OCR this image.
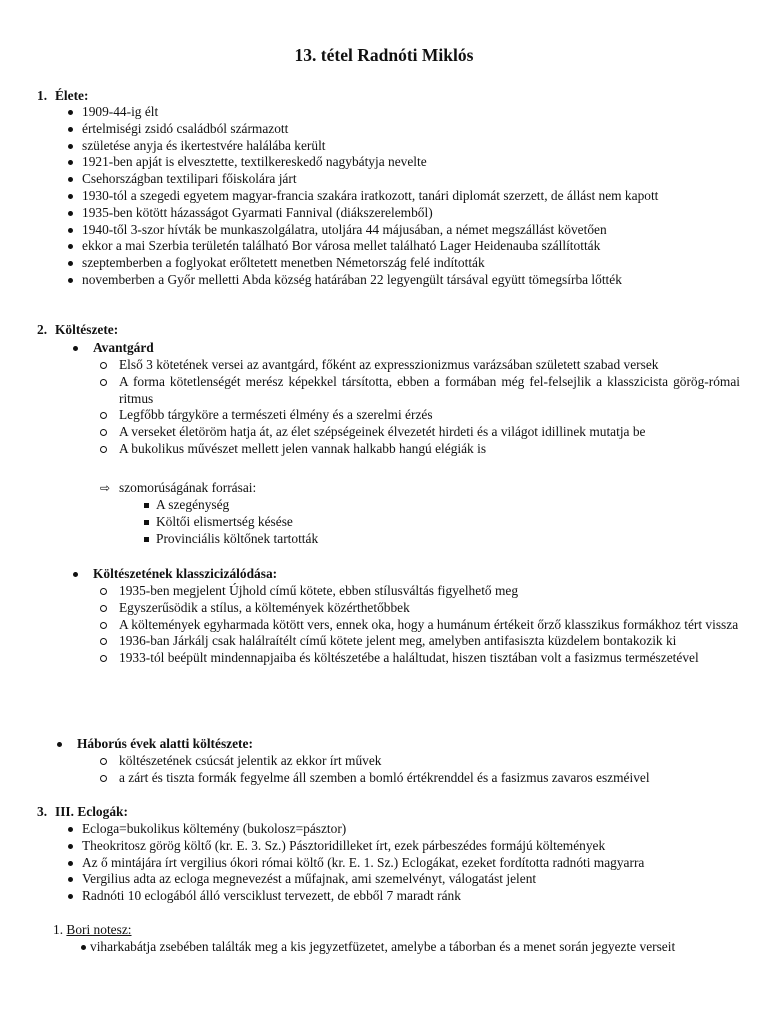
13. tétel Radnóti Miklós
1. Élete:
1909-44-ig élt
értelmiségi zsidó családból származott
születése anyja és ikertestvére halálába került
1921-ben apját is elvesztette, textilkereskedő nagybátyja nevelte
Csehországban textilipari főiskolára járt
1930-tól a szegedi egyetem magyar-francia szakára iratkozott, tanári diplomát szerzett, de állást nem kapott
1935-ben kötött házasságot Gyarmati Fannival (diákszerelemből)
1940-től 3-szor hívták be munkaszolgálatra, utoljára 44 májusában, a német megszállást követően
ekkor a mai Szerbia területén található Bor városa mellet található Lager Heidenauba szállították
szeptemberben a foglyokat erőltetett menetben Németország felé indították
novemberben a Győr melletti Abda község határában 22 legyengült társával együtt tömegsírba lőtték
2. Költészete:
Avantgárd
Első 3 kötetének versei az avantgárd, főként az expresszionizmus varázsában született szabad versek
A forma kötetlenségét merész képekkel társította, ebben a formában még fel-felsejlik a klasszicista görög-római ritmus
Legfőbb tárgyköre a természeti élmény és a szerelmi érzés
A verseket életöröm hatja át, az élet szépségeinek élvezetét hirdeti és a világot idillinek mutatja be
A bukolikus művészet mellett jelen vannak halkabb hangú elégiák is
⇨ szomorúságának forrásai:
A szegénység
Költői elismertség késése
Provinciális költőnek tartották
Költészetének klasszicizálódása:
1935-ben megjelent Újhold című kötete, ebben stílusváltás figyelhető meg
Egyszerűsödik a stílus, a költemények közérthetőbbek
A költemények egyharmada kötött vers, ennek oka, hogy a humánum értékeit őrző klasszikus formákhoz tért vissza
1936-ban Járkálj csak halálraítélt című kötete jelent meg, amelyben antifasiszta küzdelem bontakozik ki
1933-tól beépült mindennapjaiba és költészetébe a haláltudat, hiszen tisztában volt a fasizmus természetével
Háborús évek alatti költészete:
költészetének csúcsát jelentik az ekkor írt művek
a zárt és tiszta formák fegyelme áll szemben a bomló értékrenddel és a fasizmus zavaros eszméivel
3. III. Eclogák:
Ecloga=bukolikus költemény (bukolosz=pásztor)
Theokritosz görög költő (kr. E. 3. Sz.) Pásztoridilleket írt, ezek párbeszédes formájú költemények
Az ő mintájára írt vergilius ókori római költő (kr. E. 1. Sz.) Eclogákat, ezeket fordította radnóti magyarra
Vergilius adta az ecloga megnevezést a műfajnak, ami szemelvényt, válogatást jelent
Radnóti 10 eclogából álló versciklust tervezett, de ebből 7 maradt ránk
1. Bori notesz:
viharkabátja zsebében találták meg a kis jegyzetfüzetet, amelybe a táborban és a menet során jegyezte verseit
